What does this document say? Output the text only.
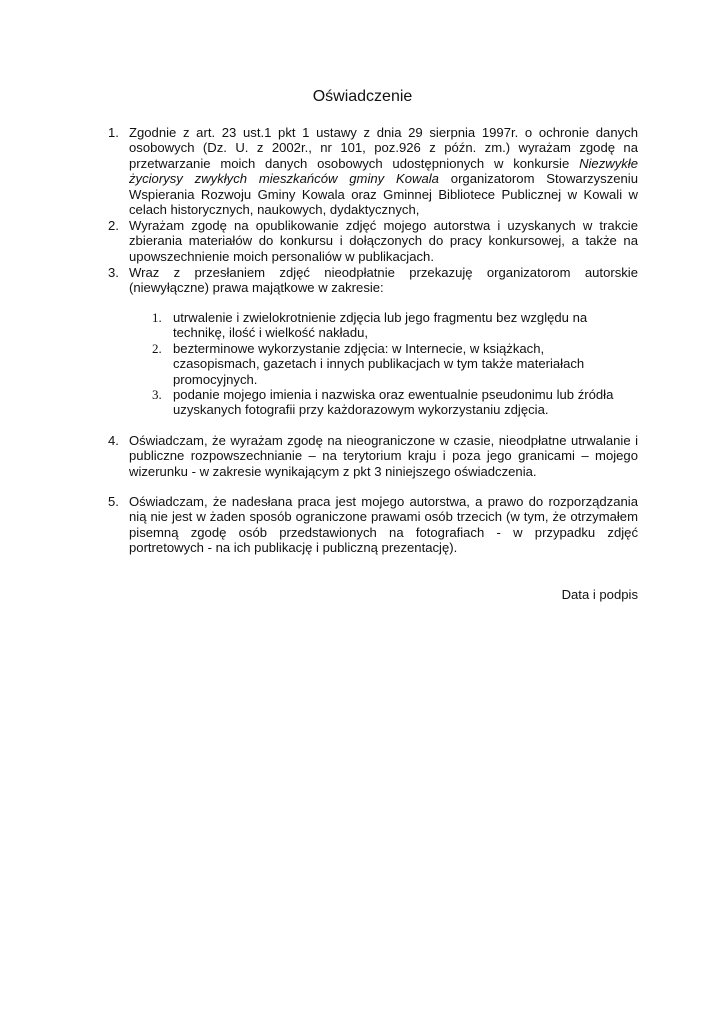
Oświadczenie
1. Zgodnie z art. 23 ust.1 pkt 1 ustawy z dnia 29 sierpnia 1997r. o ochronie danych osobowych (Dz. U. z 2002r., nr 101, poz.926 z późn. zm.) wyrażam zgodę na przetwarzanie moich danych osobowych udostępnionych w konkursie Niezwykłe życiorysy zwykłych mieszkańców gminy Kowala organizatorom Stowarzyszeniu Wspierania Rozwoju Gminy Kowala oraz Gminnej Bibliotece Publicznej w Kowali w celach historycznych, naukowych, dydaktycznych,
2. Wyrażam zgodę na opublikowanie zdjęć mojego autorstwa i uzyskanych w trakcie zbierania materiałów do konkursu i dołączonych do pracy konkursowej, a także na upowszechnienie moich personaliów w publikacjach.
3. Wraz z przesłaniem zdjęć nieodpłatnie przekazuję organizatorom autorskie (niewyłączne) prawa majątkowe w zakresie:
1. utrwalenie i zwielokrotnienie zdjęcia lub jego fragmentu bez względu na technikę, ilość i wielkość nakładu,
2. bezterminowe wykorzystanie zdjęcia: w Internecie, w książkach, czasopismach, gazetach i innych publikacjach w tym także materiałach promocyjnych.
3. podanie mojego imienia i nazwiska oraz ewentualnie pseudonimu lub źródła uzyskanych fotografii przy każdorazowym wykorzystaniu zdjęcia.
4. Oświadczam, że wyrażam zgodę na nieograniczone w czasie, nieodpłatne utrwalanie i publiczne rozpowszechnianie – na terytorium kraju i poza jego granicami – mojego wizerunku - w zakresie wynikającym z pkt 3 niniejszego oświadczenia.
5. Oświadczam, że nadesłana praca jest mojego autorstwa, a prawo do rozporządzania nią nie jest w żaden sposób ograniczone prawami osób trzecich (w tym, że otrzymałem pisemną zgodę osób przedstawionych na fotografiach - w przypadku zdjęć portretowych - na ich publikację i publiczną prezentację).
Data i podpis
